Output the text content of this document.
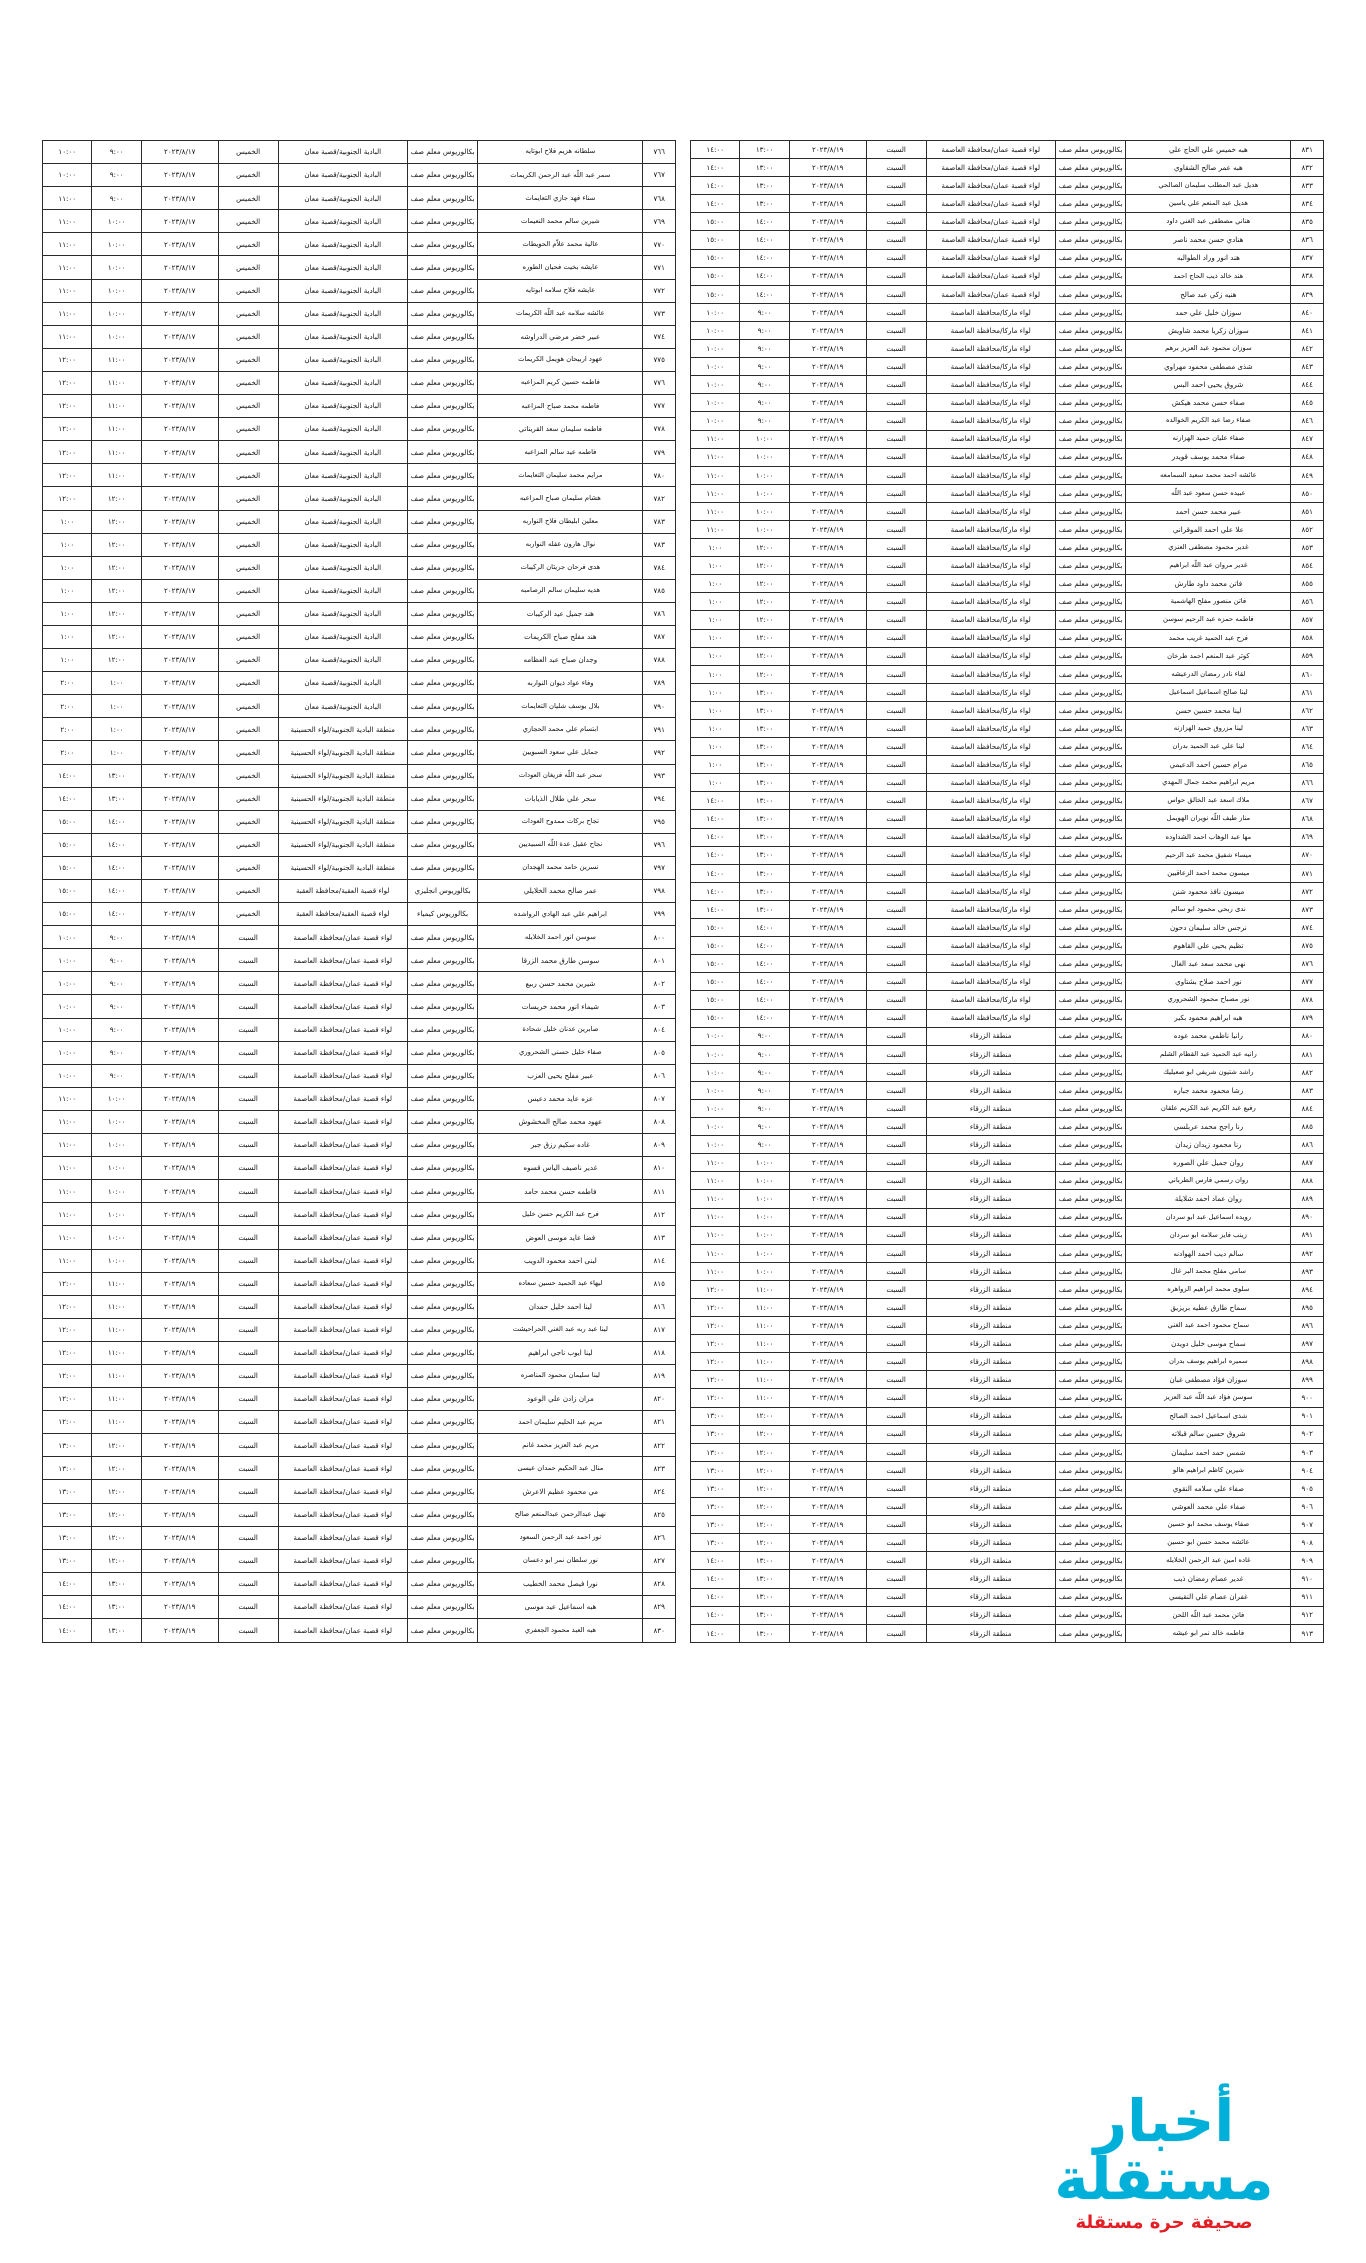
٨٣١	هبه خميس علي الحاج علي	بكالوريوس معلم صف	لواء قصبة عمان/محافظة العاصمة	السبت	٢٠٢٣/٨/١٩	١٣:٠٠	١٤:٠٠
٨٣٢	هبه عمر صالح الشقاوي	بكالوريوس معلم صف	لواء قصبة عمان/محافظة العاصمة	السبت	٢٠٢٣/٨/١٩	١٣:٠٠	١٤:٠٠
٨٣٣	هديل عبد المطلب سليمان الصالحي	بكالوريوس معلم صف	لواء قصبة عمان/محافظة العاصمة	السبت	٢٠٢٣/٨/١٩	١٣:٠٠	١٤:٠٠
٨٣٤	هديل عبد المنعم علي ياسين	بكالوريوس معلم صف	لواء قصبة عمان/محافظة العاصمة	السبت	٢٠٢٣/٨/١٩	١٣:٠٠	١٤:٠٠
٨٣٥	هناني مصطفى عبد الغني داود	بكالوريوس معلم صف	لواء قصبة عمان/محافظة العاصمة	السبت	٢٠٢٣/٨/١٩	١٤:٠٠	١٥:٠٠
٨٣٦	هنادي حسن محمد ناصر	بكالوريوس معلم صف	لواء قصبة عمان/محافظة العاصمة	السبت	٢٠٢٣/٨/١٩	١٤:٠٠	١٥:٠٠
٨٣٧	هند انور وراد الطوالبه	بكالوريوس معلم صف	لواء قصبة عمان/محافظة العاصمة	السبت	٢٠٢٣/٨/١٩	١٤:٠٠	١٥:٠٠
٨٣٨	هند خالد ذيب الحاج احمد	بكالوريوس معلم صف	لواء قصبة عمان/محافظة العاصمة	السبت	٢٠٢٣/٨/١٩	١٤:٠٠	١٥:٠٠
٨٣٩	هنيه زكي عبد صالح	بكالوريوس معلم صف	لواء قصبة عمان/محافظة العاصمة	السبت	٢٠٢٣/٨/١٩	١٤:٠٠	١٥:٠٠
٨٤٠	سوزان خليل علي حمد	بكالوريوس معلم صف	لواء ماركا/محافظة العاصمة	السبت	٢٠٢٣/٨/١٩	٩:٠٠	١٠:٠٠
٨٤١	سوزان زكريا محمد شاويش	بكالوريوس معلم صف	لواء ماركا/محافظة العاصمة	السبت	٢٠٢٣/٨/١٩	٩:٠٠	١٠:٠٠
٨٤٢	سوزان محمود عبد العزيز برهم	بكالوريوس معلم صف	لواء ماركا/محافظة العاصمة	السبت	٢٠٢٣/٨/١٩	٩:٠٠	١٠:٠٠
٨٤٣	شذى مصطفى محمود مهراوي	بكالوريوس معلم صف	لواء ماركا/محافظة العاصمة	السبت	٢٠٢٣/٨/١٩	٩:٠٠	١٠:٠٠
٨٤٤	شروق يحيى احمد البس	بكالوريوس معلم صف	لواء ماركا/محافظة العاصمة	السبت	٢٠٢٣/٨/١٩	٩:٠٠	١٠:٠٠
٨٤٥	صفاء حسن محمد هيكش	بكالوريوس معلم صف	لواء ماركا/محافظة العاصمة	السبت	٢٠٢٣/٨/١٩	٩:٠٠	١٠:٠٠
٨٤٦	صفاء رضا عبد الكريم الخوالده	بكالوريوس معلم صف	لواء ماركا/محافظة العاصمة	السبت	٢٠٢٣/٨/١٩	٩:٠٠	١٠:٠٠
٨٤٧	صفاء عليان حميد الهزازنه	بكالوريوس معلم صف	لواء ماركا/محافظة العاصمة	السبت	٢٠٢٣/٨/١٩	١٠:٠٠	١١:٠٠
٨٤٨	صفاء محمد يوسف قويدر	بكالوريوس معلم صف	لواء ماركا/محافظة العاصمة	السبت	٢٠٢٣/٨/١٩	١٠:٠٠	١١:٠٠
٨٤٩	عائشه احمد محمد سعيد السمامعه	بكالوريوس معلم صف	لواء ماركا/محافظة العاصمة	السبت	٢٠٢٣/٨/١٩	١٠:٠٠	١١:٠٠
٨٥٠	عبيده حسن سعود عبد اللّه	بكالوريوس معلم صف	لواء ماركا/محافظة العاصمة	السبت	٢٠٢٣/٨/١٩	١٠:٠٠	١١:٠٠
٨٥١	عبير محمد حسن احمد	بكالوريوس معلم صف	لواء ماركا/محافظة العاصمة	السبت	٢٠٢٣/٨/١٩	١٠:٠٠	١١:٠٠
٨٥٢	علا علي احمد الموقراني	بكالوريوس معلم صف	لواء ماركا/محافظة العاصمة	السبت	٢٠٢٣/٨/١٩	١٠:٠٠	١١:٠٠
٨٥٣	غدير محمود مصطفى العنزي	بكالوريوس معلم صف	لواء ماركا/محافظة العاصمة	السبت	٢٠٢٣/٨/١٩	١٢:٠٠	١:٠٠
٨٥٤	غدير مروان عبد اللّه ابراهيم	بكالوريوس معلم صف	لواء ماركا/محافظة العاصمة	السبت	٢٠٢٣/٨/١٩	١٢:٠٠	١:٠٠
٨٥٥	فاتن محمد داود طارش	بكالوريوس معلم صف	لواء ماركا/محافظة العاصمة	السبت	٢٠٢٣/٨/١٩	١٢:٠٠	١:٠٠
٨٥٦	فاتن منصور مفلح الهاشمية	بكالوريوس معلم صف	لواء ماركا/محافظة العاصمة	السبت	٢٠٢٣/٨/١٩	١٢:٠٠	١:٠٠
٨٥٧	فاطمه حمزه عبد الرحيم سوسن	بكالوريوس معلم صف	لواء ماركا/محافظة العاصمة	السبت	٢٠٢٣/٨/١٩	١٢:٠٠	١:٠٠
٨٥٨	فرح عبد الحميد غريب محمد	بكالوريوس معلم صف	لواء ماركا/محافظة العاصمة	السبت	٢٠٢٣/٨/١٩	١٢:٠٠	١:٠٠
٨٥٩	كوثر عبد المنعم احمد طرخان	بكالوريوس معلم صف	لواء ماركا/محافظة العاصمة	السبت	٢٠٢٣/٨/١٩	١٢:٠٠	١:٠٠
٨٦٠	لقاء نادر رمضان الدرعيشه	بكالوريوس معلم صف	لواء ماركا/محافظة العاصمة	السبت	٢٠٢٣/٨/١٩	١٢:٠٠	١:٠٠
٨٦١	لينا صالح اسماعيل اسماعيل	بكالوريوس معلم صف	لواء ماركا/محافظة العاصمة	السبت	٢٠٢٣/٨/١٩	١٣:٠٠	١:٠٠
٨٦٢	لينا محمد حسين حسن	بكالوريوس معلم صف	لواء ماركا/محافظة العاصمة	السبت	٢٠٢٣/٨/١٩	١٣:٠٠	١:٠٠
٨٦٣	لينا مزروق حميد الهزازنه	بكالوريوس معلم صف	لواء ماركا/محافظة العاصمة	السبت	٢٠٢٣/٨/١٩	١٣:٠٠	١:٠٠
٨٦٤	لينا علي عبد الحميد بدران	بكالوريوس معلم صف	لواء ماركا/محافظة العاصمة	السبت	٢٠٢٣/٨/١٩	١٣:٠٠	١:٠٠
٨٦٥	مرام حسين احمد الدعيمي	بكالوريوس معلم صف	لواء ماركا/محافظة العاصمة	السبت	٢٠٢٣/٨/١٩	١٣:٠٠	١:٠٠
٨٦٦	مريم ابراهيم محمد جمال المهدي	بكالوريوس معلم صف	لواء ماركا/محافظة العاصمة	السبت	٢٠٢٣/٨/١٩	١٣:٠٠	١:٠٠
٨٦٧	ملاك اسعد عبد الخالق حواس	بكالوريوس معلم صف	لواء ماركا/محافظة العاصمة	السبت	٢٠٢٣/٨/١٩	١٣:٠٠	١٤:٠٠
٨٦٨	منار طيف اللّه نويران الهويمل	بكالوريوس معلم صف	لواء ماركا/محافظة العاصمة	السبت	٢٠٢٣/٨/١٩	١٣:٠٠	١٤:٠٠
٨٦٩	مها عبد الوهاب احمد الشداوده	بكالوريوس معلم صف	لواء ماركا/محافظة العاصمة	السبت	٢٠٢٣/٨/١٩	١٣:٠٠	١٤:٠٠
٨٧٠	ميساء شفيق محمد عبد الرحيم	بكالوريوس معلم صف	لواء ماركا/محافظة العاصمة	السبت	٢٠٢٣/٨/١٩	١٣:٠٠	١٤:٠٠
٨٧١	ميسون محمد احمد الزعاقيين	بكالوريوس معلم صف	لواء ماركا/محافظة العاصمة	السبت	٢٠٢٣/٨/١٩	١٣:٠٠	١٤:٠٠
٨٧٢	ميسون نافذ محمود شنن	بكالوريوس معلم صف	لواء ماركا/محافظة العاصمة	السبت	٢٠٢٣/٨/١٩	١٣:٠٠	١٤:٠٠
٨٧٣	ندى ربحي محمود ابو سالم	بكالوريوس معلم صف	لواء ماركا/محافظة العاصمة	السبت	٢٠٢٣/٨/١٩	١٣:٠٠	١٤:٠٠
٨٧٤	نرجس خالد سليمان دحون	بكالوريوس معلم صف	لواء ماركا/محافظة العاصمة	السبت	٢٠٢٣/٨/١٩	١٤:٠٠	١٥:٠٠
٨٧٥	تظيم يحيى علي القاهوم	بكالوريوس معلم صف	لواء ماركا/محافظة العاصمة	السبت	٢٠٢٣/٨/١٩	١٤:٠٠	١٥:٠٠
٨٧٦	نهى محمد سعد عبد الغال	بكالوريوس معلم صف	لواء ماركا/محافظة العاصمة	السبت	٢٠٢٣/٨/١٩	١٤:٠٠	١٥:٠٠
٨٧٧	نور احمد صلاح بشتاوي	بكالوريوس معلم صف	لواء ماركا/محافظة العاصمة	السبت	٢٠٢٣/٨/١٩	١٤:٠٠	١٥:٠٠
٨٧٨	نور مصباح محمود الشحروري	بكالوريوس معلم صف	لواء ماركا/محافظة العاصمة	السبت	٢٠٢٣/٨/١٩	١٤:٠٠	١٥:٠٠
٨٧٩	هبه ابراهيم محمود بكير	بكالوريوس معلم صف	لواء ماركا/محافظة العاصمة	السبت	٢٠٢٣/٨/١٩	١٤:٠٠	١٥:٠٠
٨٨٠	رانيا ناظمي محمد عوده	بكالوريوس معلم صف	منطقة الزرقاء	السبت	٢٠٢٣/٨/١٩	٩:٠٠	١٠:٠٠
٨٨١	رانيه عبد الحميد عبد القطام الشلم	بكالوريوس معلم صف	منطقة الزرقاء	السبت	٢٠٢٣/٨/١٩	٩:٠٠	١٠:٠٠
٨٨٢	راشد شتيون شريفي ابو صعيليك	بكالوريوس معلم صف	منطقة الزرقاء	السبت	٢٠٢٣/٨/١٩	٩:٠٠	١٠:٠٠
٨٨٣	رشا محمود محمد جباره	بكالوريوس معلم صف	منطقة الزرقاء	السبت	٢٠٢٣/٨/١٩	٩:٠٠	١٠:٠٠
٨٨٤	رفيع عبد الكريم عبد الكريم علقان	بكالوريوس معلم صف	منطقة الزرقاء	السبت	٢٠٢٣/٨/١٩	٩:٠٠	١٠:٠٠
٨٨٥	رنا راجح محمد عربلسي	بكالوريوس معلم صف	منطقة الزرقاء	السبت	٢٠٢٣/٨/١٩	٩:٠٠	١٠:٠٠
٨٨٦	رنا محمود زيدان زيدان	بكالوريوس معلم صف	منطقة الزرقاء	السبت	٢٠٢٣/٨/١٩	٩:٠٠	١٠:٠٠
٨٨٧	روان جميل علي الصوره	بكالوريوس معلم صف	منطقة الزرقاء	السبت	٢٠٢٣/٨/١٩	١٠:٠٠	١١:٠٠
٨٨٨	روان رسمي فارس الطرباني	بكالوريوس معلم صف	منطقة الزرقاء	السبت	٢٠٢٣/٨/١٩	١٠:٠٠	١١:٠٠
٨٨٩	روان عماد احمد شلايلة	بكالوريوس معلم صف	منطقة الزرقاء	السبت	٢٠٢٣/٨/١٩	١٠:٠٠	١١:٠٠
٨٩٠	رويده اسماعيل عبد ابو سردان	بكالوريوس معلم صف	منطقة الزرقاء	السبت	٢٠٢٣/٨/١٩	١٠:٠٠	١١:٠٠
٨٩١	زينب فايز سلامه ابو سردان	بكالوريوس معلم صف	منطقة الزرقاء	السبت	٢٠٢٣/٨/١٩	١٠:٠٠	١١:٠٠
٨٩٢	سالم ديب احمد الهوادنه	بكالوريوس معلم صف	منطقة الزرقاء	السبت	٢٠٢٣/٨/١٩	١٠:٠٠	١١:٠٠
٨٩٣	سامي مفلح محمد البر غال	بكالوريوس معلم صف	منطقة الزرقاء	السبت	٢٠٢٣/٨/١٩	١٠:٠٠	١١:٠٠
٨٩٤	سلوى محمد ابراهيم الزواهره	بكالوريوس معلم صف	منطقة الزرقاء	السبت	٢٠٢٣/٨/١٩	١١:٠٠	١٢:٠٠
٨٩٥	سماح طارق عطيه بريزيق	بكالوريوس معلم صف	منطقة الزرقاء	السبت	٢٠٢٣/٨/١٩	١١:٠٠	١٢:٠٠
٨٩٦	سماح محمود احمد عبد الغني	بكالوريوس معلم صف	منطقة الزرقاء	السبت	٢٠٢٣/٨/١٩	١١:٠٠	١٢:٠٠
٨٩٧	سماح موسى خليل دويدن	بكالوريوس معلم صف	منطقة الزرقاء	السبت	٢٠٢٣/٨/١٩	١١:٠٠	١٢:٠٠
٨٩٨	سميره ابراهيم يوسف بدران	بكالوريوس معلم صف	منطقة الزرقاء	السبت	٢٠٢٣/٨/١٩	١١:٠٠	١٢:٠٠
٨٩٩	سوزان فؤاد مصطفى غبان	بكالوريوس معلم صف	منطقة الزرقاء	السبت	٢٠٢٣/٨/١٩	١١:٠٠	١٢:٠٠
٩٠٠	سوسن فؤاد عبد اللّه عبد العزيز	بكالوريوس معلم صف	منطقة الزرقاء	السبت	٢٠٢٣/٨/١٩	١١:٠٠	١٢:٠٠
٩٠١	شذى اسماعيل احمد الصالح	بكالوريوس معلم صف	منطقة الزرقاء	السبت	٢٠٢٣/٨/١٩	١٢:٠٠	١٣:٠٠
٩٠٢	شروق حسين سالم قبلاته	بكالوريوس معلم صف	منطقة الزرقاء	السبت	٢٠٢٣/٨/١٩	١٢:٠٠	١٣:٠٠
٩٠٣	شمس حمد احمد سليمان	بكالوريوس معلم صف	منطقة الزرقاء	السبت	٢٠٢٣/٨/١٩	١٢:٠٠	١٣:٠٠
٩٠٤	شيرين كاظم ابراهيم هالو	بكالوريوس معلم صف	منطقة الزرقاء	السبت	٢٠٢٣/٨/١٩	١٢:٠٠	١٣:٠٠
٩٠٥	صفاء علي سلامه النقوي	بكالوريوس معلم صف	منطقة الزرقاء	السبت	٢٠٢٣/٨/١٩	١٢:٠٠	١٣:٠٠
٩٠٦	صفاء علي محمد العوشي	بكالوريوس معلم صف	منطقة الزرقاء	السبت	٢٠٢٣/٨/١٩	١٢:٠٠	١٣:٠٠
٩٠٧	صفاء يوسف محمد ابو حسين	بكالوريوس معلم صف	منطقة الزرقاء	السبت	٢٠٢٣/٨/١٩	١٢:٠٠	١٣:٠٠
٩٠٨	عائشه محمد حسن ابو حسين	بكالوريوس معلم صف	منطقة الزرقاء	السبت	٢٠٢٣/٨/١٩	١٢:٠٠	١٣:٠٠
٩٠٩	غاده امين عبد الرحمن الخلايله	بكالوريوس معلم صف	منطقة الزرقاء	السبت	٢٠٢٣/٨/١٩	١٣:٠٠	١٤:٠٠
٩١٠	غدير عصام رمضان ذيب	بكالوريوس معلم صف	منطقة الزرقاء	السبت	٢٠٢٣/٨/١٩	١٣:٠٠	١٤:٠٠
٩١١	غفران عصام علي النقيسي	بكالوريوس معلم صف	منطقة الزرقاء	السبت	٢٠٢٣/٨/١٩	١٣:٠٠	١٤:٠٠
٩١٢	فاتن محمد عبد اللّه اللحن	بكالوريوس معلم صف	منطقة الزرقاء	السبت	٢٠٢٣/٨/١٩	١٣:٠٠	١٤:٠٠
٩١٣	فاطمه خالد نمر ابو عيشه	بكالوريوس معلم صف	منطقة الزرقاء	السبت	٢٠٢٣/٨/١٩	١٣:٠٠	١٤:٠٠
٧٦٦	سلطانه هزيم فلاح ابوتايه	بكالوريوس معلم صف	البادية الجنوبية/قصبة معان	الخميس	٢٠٢٣/٨/١٧	٩:٠٠	١٠:٠٠
٧٦٧	سمر عبد اللّه عبد الرحمن الكريمات	بكالوريوس معلم صف	البادية الجنوبية/قصبة معان	الخميس	٢٠٢٣/٨/١٧	٩:٠٠	١٠:٠٠
٧٦٨	سناء فهد جازي التعايمات	بكالوريوس معلم صف	البادية الجنوبية/قصبة معان	الخميس	٢٠٢٣/٨/١٧	٩:٠٠	١١:٠٠
٧٦٩	شيرين سالم محمد النعيمات	بكالوريوس معلم صف	البادية الجنوبية/قصبة معان	الخميس	٢٠٢٣/٨/١٧	١٠:٠٠	١١:٠٠
٧٧٠	عالية محمد علاّم الحويطات	بكالوريوس معلم صف	البادية الجنوبية/قصبة معان	الخميس	٢٠٢٣/٨/١٧	١٠:٠٠	١١:٠٠
٧٧١	عايشه بخيت فحيان الطوره	بكالوريوس معلم صف	البادية الجنوبية/قصبة معان	الخميس	٢٠٢٣/٨/١٧	١٠:٠٠	١١:٠٠
٧٧٢	عايشه فلاح سلامه ابوتايه	بكالوريوس معلم صف	البادية الجنوبية/قصبة معان	الخميس	٢٠٢٣/٨/١٧	١٠:٠٠	١١:٠٠
٧٧٣	عائشه سلامه عبد اللّه الكريمات	بكالوريوس معلم صف	البادية الجنوبية/قصبة معان	الخميس	٢٠٢٣/٨/١٧	١٠:٠٠	١١:٠٠
٧٧٤	عبير خضر مرضي الدراوشه	بكالوريوس معلم صف	البادية الجنوبية/قصبة معان	الخميس	٢٠٢٣/٨/١٧	١٠:٠٠	١١:٠٠
٧٧٥	عهود اربيحان هويمل الكريمات	بكالوريوس معلم صف	البادية الجنوبية/قصبة معان	الخميس	٢٠٢٣/٨/١٧	١١:٠٠	١٢:٠٠
٧٧٦	فاطمه حسين كريم المزاعبه	بكالوريوس معلم صف	البادية الجنوبية/قصبة معان	الخميس	٢٠٢٣/٨/١٧	١١:٠٠	١٢:٠٠
٧٧٧	فاطمه محمد صباح المزاعبه	بكالوريوس معلم صف	البادية الجنوبية/قصبة معان	الخميس	٢٠٢٣/٨/١٧	١١:٠٠	١٢:٠٠
٧٧٨	فاطمه سليمان سعد القريناتي	بكالوريوس معلم صف	البادية الجنوبية/قصبة معان	الخميس	٢٠٢٣/٨/١٧	١١:٠٠	١٢:٠٠
٧٧٩	فاطمه عيد سالم المزاعبه	بكالوريوس معلم صف	البادية الجنوبية/قصبة معان	الخميس	٢٠٢٣/٨/١٧	١١:٠٠	١٢:٠٠
٧٨٠	مرايم محمد سليمان التعايمات	بكالوريوس معلم صف	البادية الجنوبية/قصبة معان	الخميس	٢٠٢٣/٨/١٧	١١:٠٠	١٢:٠٠
٧٨٢	هشام سليمان صباح المزاعبه	بكالوريوس معلم صف	البادية الجنوبية/قصبة معان	الخميس	٢٠٢٣/٨/١٧	١٢:٠٠	١٢:٠٠
٧٨٣	معلين ابليطان فلاح النواربه	بكالوريوس معلم صف	البادية الجنوبية/قصبة معان	الخميس	٢٠٢٣/٨/١٧	١٢:٠٠	١:٠٠
٧٨٣	نوال هارون عقله النواربه	بكالوريوس معلم صف	البادية الجنوبية/قصبة معان	الخميس	٢٠٢٣/٨/١٧	١٢:٠٠	١:٠٠
٧٨٤	هدى فرحان جريثان الركيبات	بكالوريوس معلم صف	البادية الجنوبية/قصبة معان	الخميس	٢٠٢٣/٨/١٧	١٢:٠٠	١:٠٠
٧٨٥	هديه سليمان سالم الرصامبه	بكالوريوس معلم صف	البادية الجنوبية/قصبة معان	الخميس	٢٠٢٣/٨/١٧	١٢:٠٠	١:٠٠
٧٨٦	هند جميل عيد الركيبات	بكالوريوس معلم صف	البادية الجنوبية/قصبة معان	الخميس	٢٠٢٣/٨/١٧	١٢:٠٠	١:٠٠
٧٨٧	هند مفلح صباح الكريمات	بكالوريوس معلم صف	البادية الجنوبية/قصبة معان	الخميس	٢٠٢٣/٨/١٧	١٢:٠٠	١:٠٠
٧٨٨	وجدان صباح عبد العظامه	بكالوريوس معلم صف	البادية الجنوبية/قصبة معان	الخميس	٢٠٢٣/٨/١٧	١٢:٠٠	١:٠٠
٧٨٩	وفاء عواد ذيوان النواربه	بكالوريوس معلم صف	البادية الجنوبية/قصبة معان	الخميس	٢٠٢٣/٨/١٧	١:٠٠	٢:٠٠
٧٩٠	بلال يوسف شليان التعايمات	بكالوريوس معلم صف	البادية الجنوبية/قصبة معان	الخميس	٢٠٢٣/٨/١٧	١:٠٠	٢:٠٠
٧٩١	ابتسام علي محمد الحجازي	بكالوريوس معلم صف	منطقة البادية الجنوبية/لواء الحسينية	الخميس	٢٠٢٣/٨/١٧	١:٠٠	٢:٠٠
٧٩٢	جمايل علي سعود السبويين	بكالوريوس معلم صف	منطقة البادية الجنوبية/لواء الحسينية	الخميس	٢٠٢٣/٨/١٧	١:٠٠	٢:٠٠
٧٩٣	سحر عبد اللّه فزيغان العودات	بكالوريوس معلم صف	منطقة البادية الجنوبية/لواء الحسينية	الخميس	٢٠٢٣/٨/١٧	١٣:٠٠	١٤:٠٠
٧٩٤	سحر علي طلال الذيابات	بكالوريوس معلم صف	منطقة البادية الجنوبية/لواء الحسينية	الخميس	٢٠٢٣/٨/١٧	١٣:٠٠	١٤:٠٠
٧٩٥	تجاح بركات ممدوح العودات	بكالوريوس معلم صف	منطقة البادية الجنوبية/لواء الحسينية	الخميس	٢٠٢٣/٨/١٧	١٤:٠٠	١٥:٠٠
٧٩٦	نجاح عقيل عدة اللّه السبيديين	بكالوريوس معلم صف	منطقة البادية الجنوبية/لواء الحسينية	الخميس	٢٠٢٣/٨/١٧	١٤:٠٠	١٥:٠٠
٧٩٧	نسرين حامد محمد الهجدان	بكالوريوس معلم صف	منطقة البادية الجنوبية/لواء الحسينية	الخميس	٢٠٢٣/٨/١٧	١٤:٠٠	١٥:٠٠
٧٩٨	عمر صالح محمد الخلايلي	بكالوريوس انجليزي	لواء قصبة العقبة/محافظة العقبة	الخميس	٢٠٢٣/٨/١٧	١٤:٠٠	١٥:٠٠
٧٩٩	ابراهيم علي عبد الهادي الرواشده	بكالوريوس كيمياء	لواء قصبة العقبة/محافظة العقبة	الخميس	٢٠٢٣/٨/١٧	١٤:٠٠	١٥:٠٠
٨٠٠	سوسن انور احمد الخلايله	بكالوريوس معلم صف	لواء قصبة عمان/محافظة العاصمة	السبت	٢٠٢٣/٨/١٩	٩:٠٠	١٠:٠٠
٨٠١	سوسن طارق محمد الزرقا	بكالوريوس معلم صف	لواء قصبة عمان/محافظة العاصمة	السبت	٢٠٢٣/٨/١٩	٩:٠٠	١٠:٠٠
٨٠٢	شيرين محمد حسن ربيع	بكالوريوس معلم صف	لواء قصبة عمان/محافظة العاصمة	السبت	٢٠٢٣/٨/١٩	٩:٠٠	١٠:٠٠
٨٠٣	شيماء انور محمد خريسات	بكالوريوس معلم صف	لواء قصبة عمان/محافظة العاصمة	السبت	٢٠٢٣/٨/١٩	٩:٠٠	١٠:٠٠
٨٠٤	صابرين عدنان خليل شحادة	بكالوريوس معلم صف	لواء قصبة عمان/محافظة العاصمة	السبت	٢٠٢٣/٨/١٩	٩:٠٠	١٠:٠٠
٨٠٥	صفاء خليل حسني الشحروري	بكالوريوس معلم صف	لواء قصبة عمان/محافظة العاصمة	السبت	٢٠٢٣/٨/١٩	٩:٠٠	١٠:٠٠
٨٠٦	عبير مفلح يحيى العزب	بكالوريوس معلم صف	لواء قصبة عمان/محافظة العاصمة	السبت	٢٠٢٣/٨/١٩	٩:٠٠	١٠:٠٠
٨٠٧	عزه عايد محمد دعيس	بكالوريوس معلم صف	لواء قصبة عمان/محافظة العاصمة	السبت	٢٠٢٣/٨/١٩	١٠:٠٠	١١:٠٠
٨٠٨	عهود محمد صالح المخشوش	بكالوريوس معلم صف	لواء قصبة عمان/محافظة العاصمة	السبت	٢٠٢٣/٨/١٩	١٠:٠٠	١١:٠٠
٨٠٩	غاده سكيم رزق جبر	بكالوريوس معلم صف	لواء قصبة عمان/محافظة العاصمة	السبت	٢٠٢٣/٨/١٩	١٠:٠٠	١١:٠٠
٨١٠	غدير ناصيف الياس قسوه	بكالوريوس معلم صف	لواء قصبة عمان/محافظة العاصمة	السبت	٢٠٢٣/٨/١٩	١٠:٠٠	١١:٠٠
٨١١	فاطمه حسن محمد حامد	بكالوريوس معلم صف	لواء قصبة عمان/محافظة العاصمة	السبت	٢٠٢٣/٨/١٩	١٠:٠٠	١١:٠٠
٨١٢	فرح عبد الكريم حسن خليل	بكالوريوس معلم صف	لواء قصبة عمان/محافظة العاصمة	السبت	٢٠٢٣/٨/١٩	١٠:٠٠	١١:٠٠
٨١٣	فضا عايد موسى العوض	بكالوريوس معلم صف	لواء قصبة عمان/محافظة العاصمة	السبت	٢٠٢٣/٨/١٩	١٠:٠٠	١١:٠٠
٨١٤	لبنى احمد محمود الدويب	بكالوريوس معلم صف	لواء قصبة عمان/محافظة العاصمة	السبت	٢٠٢٣/٨/١٩	١٠:٠٠	١١:٠٠
٨١٥	ليهاء عبد الحميد حسين سعاده	بكالوريوس معلم صف	لواء قصبة عمان/محافظة العاصمة	السبت	٢٠٢٣/٨/١٩	١١:٠٠	١٢:٠٠
٨١٦	لينا احمد خليل حمدان	بكالوريوس معلم صف	لواء قصبة عمان/محافظة العاصمة	السبت	٢٠٢٣/٨/١٩	١١:٠٠	١٢:٠٠
٨١٧	لينا عبد ربه عبد الغني الحراحيشت	بكالوريوس معلم صف	لواء قصبة عمان/محافظة العاصمة	السبت	٢٠٢٣/٨/١٩	١١:٠٠	١٢:٠٠
٨١٨	لينا ايوب ناجي ابراهيم	بكالوريوس معلم صف	لواء قصبة عمان/محافظة العاصمة	السبت	٢٠٢٣/٨/١٩	١١:٠٠	١٢:٠٠
٨١٩	لينا سليمان محمود المناصره	بكالوريوس معلم صف	لواء قصبة عمان/محافظة العاصمة	السبت	٢٠٢٣/٨/١٩	١١:٠٠	١٢:٠٠
٨٢٠	مران زادن علي الوعود	بكالوريوس معلم صف	لواء قصبة عمان/محافظة العاصمة	السبت	٢٠٢٣/٨/١٩	١١:٠٠	١٢:٠٠
٨٢١	مريم عبد الحليم سليمان احمد	بكالوريوس معلم صف	لواء قصبة عمان/محافظة العاصمة	السبت	٢٠٢٣/٨/١٩	١١:٠٠	١٢:٠٠
٨٢٢	مريم عبد العزيز محمد غانم	بكالوريوس معلم صف	لواء قصبة عمان/محافظة العاصمة	السبت	٢٠٢٣/٨/١٩	١٢:٠٠	١٣:٠٠
٨٢٣	منال عبد الحكيم حمدان عيسى	بكالوريوس معلم صف	لواء قصبة عمان/محافظة العاصمة	السبت	٢٠٢٣/٨/١٩	١٢:٠٠	١٣:٠٠
٨٢٤	مي محمود عظيم الاعرش	بكالوريوس معلم صف	لواء قصبة عمان/محافظة العاصمة	السبت	٢٠٢٣/٨/١٩	١٢:٠٠	١٣:٠٠
٨٢٥	نهيل عبدالرحمن عبدالمنعم صالح	بكالوريوس معلم صف	لواء قصبة عمان/محافظة العاصمة	السبت	٢٠٢٣/٨/١٩	١٢:٠٠	١٣:٠٠
٨٢٦	نور احمد عبد الرحمن السعود	بكالوريوس معلم صف	لواء قصبة عمان/محافظة العاصمة	السبت	٢٠٢٣/٨/١٩	١٢:٠٠	١٣:٠٠
٨٢٧	نور سلطان نمر ابو دعسان	بكالوريوس معلم صف	لواء قصبة عمان/محافظة العاصمة	السبت	٢٠٢٣/٨/١٩	١٢:٠٠	١٣:٠٠
٨٢٨	نورا فيصل محمد الخطيب	بكالوريوس معلم صف	لواء قصبة عمان/محافظة العاصمة	السبت	٢٠٢٣/٨/١٩	١٣:٠٠	١٤:٠٠
٨٢٩	هبه اسماعيل عيد موسى	بكالوريوس معلم صف	لواء قصبة عمان/محافظة العاصمة	السبت	٢٠٢٣/٨/١٩	١٣:٠٠	١٤:٠٠
٨٣٠	هبه العبد محمود الجعفري	بكالوريوس معلم صف	لواء قصبة عمان/محافظة العاصمة	السبت	٢٠٢٣/٨/١٩	١٣:٠٠	١٤:٠٠
أخبار مستقلة
صحيفة حرة مستقلة
